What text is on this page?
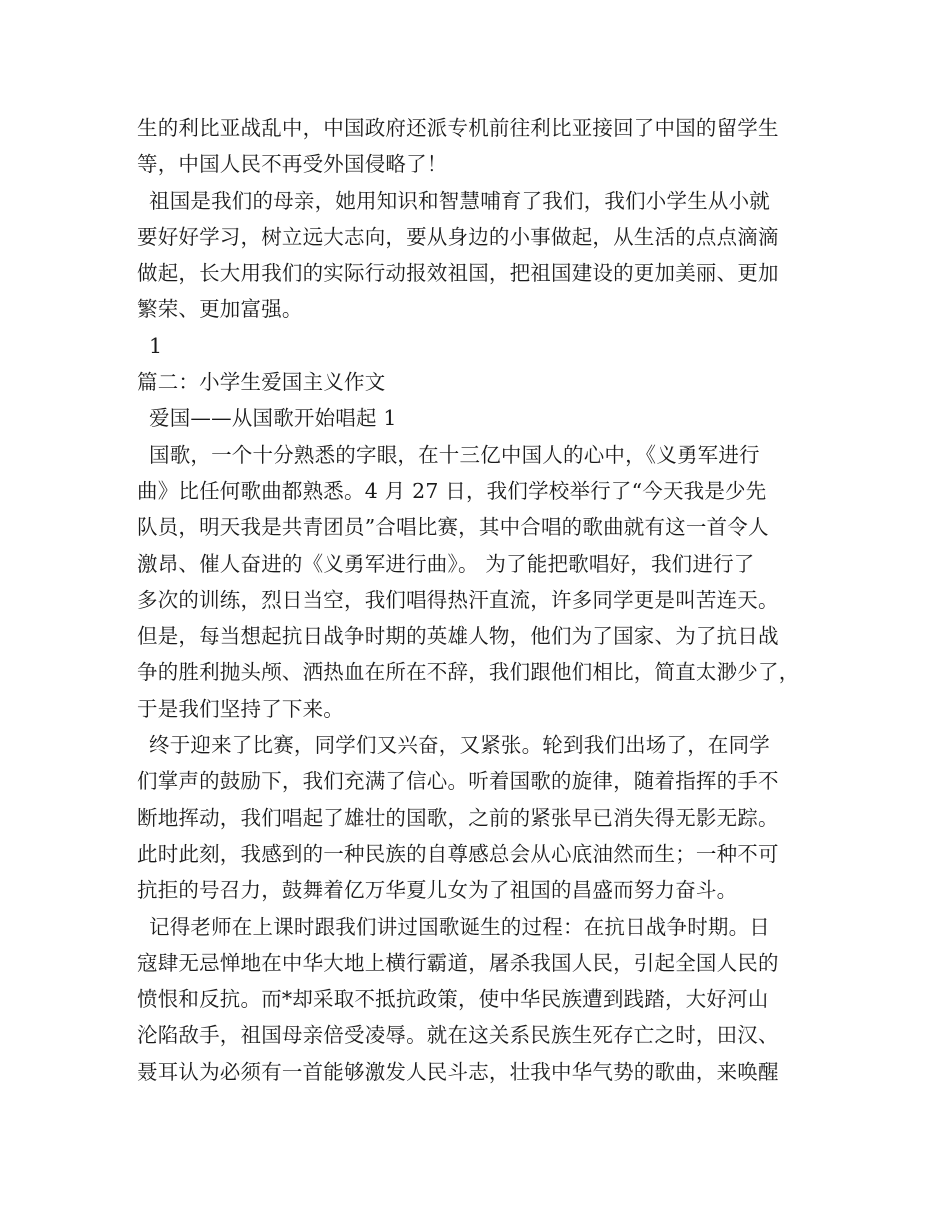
生的利比亚战乱中，中国政府还派专机前往利比亚接回了中国的留学生
等，中国人民不再受外国侵略了！
祖国是我们的母亲，她用知识和智慧哺育了我们，我们小学生从小就
要好好学习，树立远大志向，要从身边的小事做起，从生活的点点滴滴
做起，长大用我们的实际行动报效祖国，把祖国建设的更加美丽、更加
繁荣、更加富强。
1
篇二：小学生爱国主义作文
爱国——从国歌开始唱起 1
国歌，一个十分熟悉的字眼，在十三亿中国人的心中，《义勇军进行
曲》比任何歌曲都熟悉。4 月 27 日，我们学校举行了“今天我是少先
队员，明天我是共青团员”合唱比赛，其中合唱的歌曲就有这一首令人
激昂、催人奋进的《义勇军进行曲》。 为了能把歌唱好，我们进行了
多次的训练，烈日当空，我们唱得热汗直流，许多同学更是叫苦连天。
但是，每当想起抗日战争时期的英雄人物，他们为了国家、为了抗日战
争的胜利抛头颅、洒热血在所在不辞，我们跟他们相比，简直太渺少了，
于是我们坚持了下来。
终于迎来了比赛，同学们又兴奋，又紧张。轮到我们出场了，在同学
们掌声的鼓励下，我们充满了信心。听着国歌的旋律，随着指挥的手不
断地挥动，我们唱起了雄壮的国歌，之前的紧张早已消失得无影无踪。
此时此刻，我感到的一种民族的自尊感总会从心底油然而生；一种不可
抗拒的号召力，鼓舞着亿万华夏儿女为了祖国的昌盛而努力奋斗。
记得老师在上课时跟我们讲过国歌诞生的过程：在抗日战争时期。日
寇肆无忌惮地在中华大地上横行霸道，屠杀我国人民，引起全国人民的
愤恨和反抗。而*却采取不抵抗政策，使中华民族遭到践踏，大好河山
沦陷敌手，祖国母亲倍受凌辱。就在这关系民族生死存亡之时，田汉、
聂耳认为必须有一首能够激发人民斗志，壮我中华气势的歌曲，来唤醒
